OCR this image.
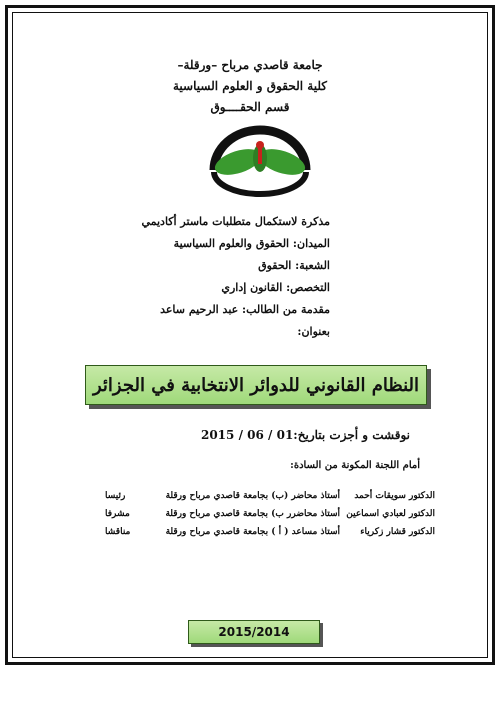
جامعة قاصدي مرباح –ورقلة–
كلية الحقوق و العلوم السياسية
قسم الحقــــوق
مذكرة لاستكمال متطلبات ماستر أكاديمي
الميدان: الحقوق والعلوم السياسية
الشعبة: الحقوق
التخصص: القانون إداري
مقدمة من الطالب: عبد الرحيم ساعد
بعنوان:
النظام القانوني للدوائر الانتخابية في الجزائر
نوقشت و أجزت بتاريخ:01 / 06 / 2015
أمام اللجنة المكونة من السادة:
الدكتور سويقات أحمد
أستاذ محاضر (ب) بجامعة قاصدي مرباح ورقلة
رئيسا
الدكتور لعبادي اسماعين
أستاذ محاضرر ب) بجامعة قاصدي مرباح ورقلة
مشرفا
الدكتور قشار زكرياء
أستاذ مساعد ( أ ) بجامعة قاصدي مرباح ورقلة
مناقشا
2015/2014
